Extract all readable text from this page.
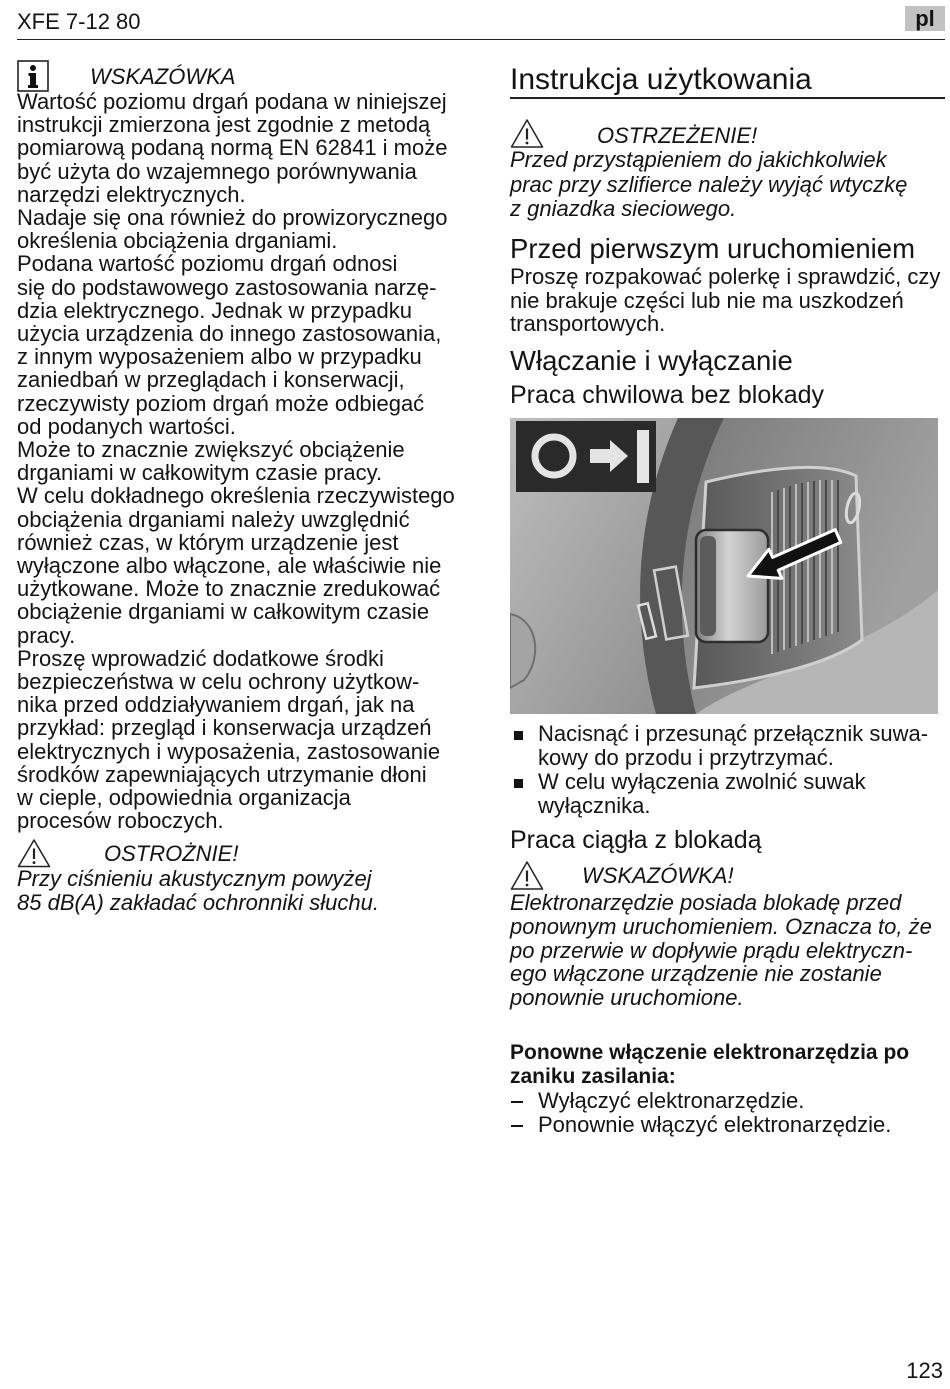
XFE 7-12 80	pl
WSKAZÓWKA
Wartość poziomu drgań podana w niniejszej
instrukcji zmierzona jest zgodnie z metodą
pomiarową podaną normą EN 62841 i może
być użyta do wzajemnego porównywania
narzędzi elektrycznych.
Nadaje się ona również do prowizorycznego
określenia obciążenia drganiami.
Podana wartość poziomu drgań odnosi
się do podstawowego zastosowania narzę-
dzia elektrycznego. Jednak w przypadku
użycia urządzenia do innego zastosowania,
z innym wyposażeniem albo w przypadku
zaniedbań w przeglądach i konserwacji,
rzeczywisty poziom drgań może odbiegać
od podanych wartości.
Może to znacznie zwiększyć obciążenie
drganiami w całkowitym czasie pracy.
W celu dokładnego określenia rzeczywistego
obciążenia drganiami należy uwzględnić
również czas, w którym urządzenie jest
wyłączone albo włączone, ale właściwie nie
użytkowane. Może to znacznie zredukować
obciążenie drganiami w całkowitym czasie
pracy.
Proszę wprowadzić dodatkowe środki
bezpieczeństwa w celu ochrony użytkow-
nika przed oddziaływaniem drgań, jak na
przykład: przegląd i konserwacja urządzeń
elektrycznych i wyposażenia, zastosowanie
środków zapewniających utrzymanie dłoni
w cieple, odpowiednia organizacja
procesów roboczych.
OSTROŻNIE!
Przy ciśnieniu akustycznym powyżej
85 dB(A) zakładać ochronniki słuchu.
Instrukcja użytkowania
OSTRZEŻENIE!
Przed przystąpieniem do jakichkolwiek
prac przy szlifierce należy wyjąć wtyczkę
z gniazdka sieciowego.
Przed pierwszym uruchomieniem
Proszę rozpakować polerkę i sprawdzić, czy
nie brakuje części lub nie ma uszkodzeń
transportowych.
Włączanie i wyłączanie
Praca chwilowa bez blokady
Nacisnąć i przesunąć przełącznik suwa-
kowy do przodu i przytrzymać.
W celu wyłączenia zwolnić suwak
wyłącznika.
Praca ciągła z blokadą
WSKAZÓWKA!
Elektronarzędzie posiada blokadę przed
ponownym uruchomieniem. Oznacza to, że
po przerwie w dopływie prądu elektryczn-
ego włączone urządzenie nie zostanie
ponownie uruchomione.
Ponowne włączenie elektronarzędzia po
zaniku zasilania:
Wyłączyć elektronarzędzie.
Ponownie włączyć elektronarzędzie.
123
